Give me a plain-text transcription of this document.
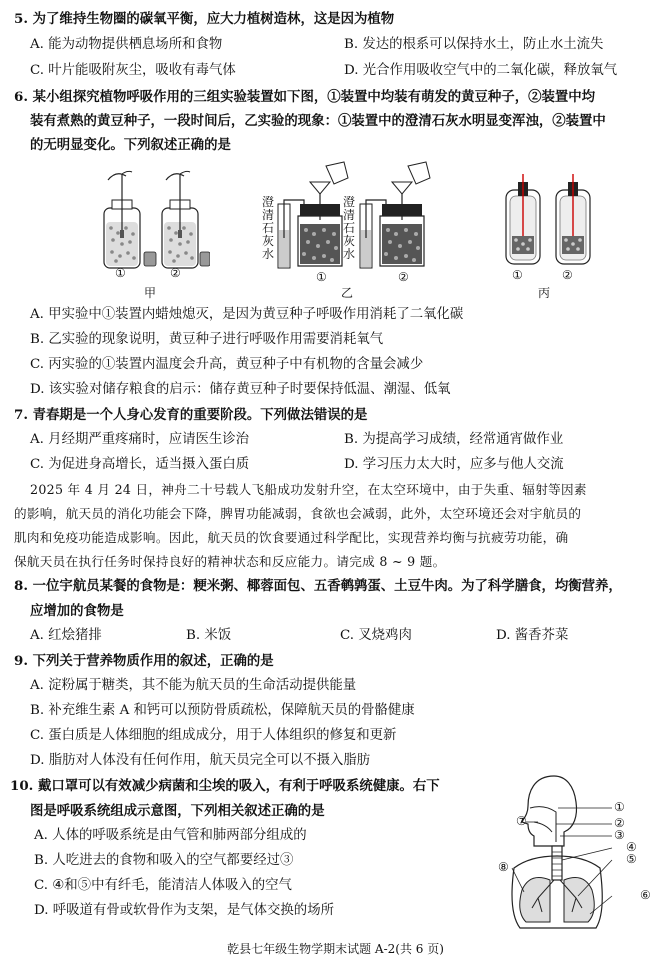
5. 为了维持生物圈的碳氧平衡，应大力植树造林，这是因为植物
A. 能为动物提供栖息场所和食物	B. 发达的根系可以保持水土，防止水土流失
C. 叶片能吸附灰尘，吸收有毒气体	D. 光合作用吸收空气中的二氧化碳，释放氧气
6. 某小组探究植物呼吸作用的三组实验装置如下图，①装置中均装有萌发的黄豆种子，②装置中均
装有煮熟的黄豆种子，一段时间后，乙实验的现象：①装置中的澄清石灰水明显变浑浊，②装置中
的无明显变化。下列叙述正确的是
①	②
甲
澄
清
石
灰
水
澄
清
石
灰
水
①	②
乙
①	②
丙
A. 甲实验中①装置内蜡烛熄灭，是因为黄豆种子呼吸作用消耗了二氧化碳
B. 乙实验的现象说明，黄豆种子进行呼吸作用需要消耗氧气
C. 丙实验的①装置内温度会升高，黄豆种子中有机物的含量会减少
D. 该实验对储存粮食的启示：储存黄豆种子时要保持低温、潮湿、低氧
7. 青春期是一个人身心发育的重要阶段。下列做法错误的是
A. 月经期严重疼痛时，应请医生诊治	B. 为提高学习成绩，经常通宵做作业
C. 为促进身高增长，适当摄入蛋白质	D. 学习压力太大时，应多与他人交流
2025 年 4 月 24 日，神舟二十号载人飞船成功发射升空，在太空环境中，由于失重、辐射等因素
的影响，航天员的消化功能会下降，脾胃功能减弱，食欲也会减弱，此外，太空环境还会对宇航员的
肌肉和免疫功能造成影响。因此，航天员的饮食要通过科学配比，实现营养均衡与抗疲劳功能，确
保航天员在执行任务时保持良好的精神状态和反应能力。请完成 8 ~ 9 题。
8. 一位宇航员某餐的食物是：粳米粥、椰蓉面包、五香鹌鹑蛋、土豆牛肉。为了科学膳食，均衡营养，
应增加的食物是
A. 红烩猪排	B. 米饭	C. 叉烧鸡肉	D. 酱香芥菜
9. 下列关于营养物质作用的叙述，正确的是
A. 淀粉属于糖类，其不能为航天员的生命活动提供能量
B. 补充维生素 A 和钙可以预防骨质疏松，保障航天员的骨骼健康
C. 蛋白质是人体细胞的组成成分，用于人体组织的修复和更新
D. 脂肪对人体没有任何作用，航天员完全可以不摄入脂肪
10. 戴口罩可以有效减少病菌和尘埃的吸入，有利于呼吸系统健康。右下
图是呼吸系统组成示意图，下列相关叙述正确的是
A. 人体的呼吸系统是由气管和肺两部分组成的
B. 人吃进去的食物和吸入的空气都要经过③
C. ④和⑤中有纤毛，能清洁人体吸入的空气
D. 呼吸道有骨或软骨作为支架，是气体交换的场所
①
②
③
④
⑤
⑥
⑦
⑧
乾县七年级生物学期末试题 A-2(共 6 页)
